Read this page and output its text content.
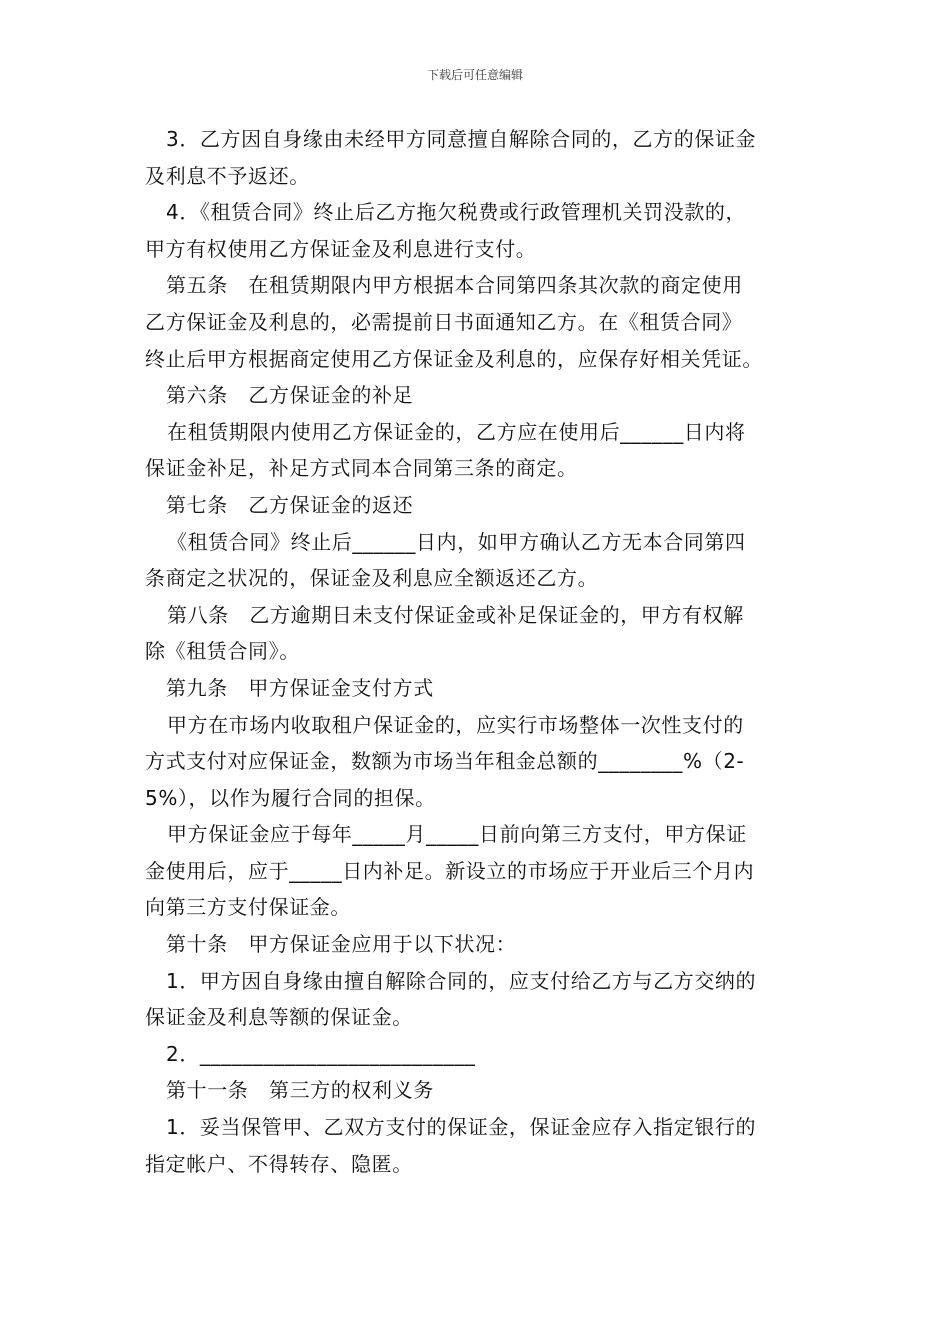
下载后可任意编辑
3．乙方因自身缘由未经甲方同意擅自解除合同的，乙方的保证金
及利息不予返还。
4．《租赁合同》终止后乙方拖欠税费或行政管理机关罚没款的，
甲方有权使用乙方保证金及利息进行支付。
第五条　在租赁期限内甲方根据本合同第四条其次款的商定使用
乙方保证金及利息的，必需提前日书面通知乙方。在《租赁合同》
终止后甲方根据商定使用乙方保证金及利息的，应保存好相关凭证。
第六条　乙方保证金的补足
在租赁期限内使用乙方保证金的，乙方应在使用后______日内将
保证金补足，补足方式同本合同第三条的商定。
第七条　乙方保证金的返还
《租赁合同》终止后______日内，如甲方确认乙方无本合同第四
条商定之状况的，保证金及利息应全额返还乙方。
第八条　乙方逾期日未支付保证金或补足保证金的，甲方有权解
除《租赁合同》。
第九条　甲方保证金支付方式
甲方在市场内收取租户保证金的，应实行市场整体一次性支付的
方式支付对应保证金，数额为市场当年租金总额的________%（2-
5%），以作为履行合同的担保。
甲方保证金应于每年_____月_____日前向第三方支付，甲方保证
金使用后，应于_____日内补足。新设立的市场应于开业后三个月内
向第三方支付保证金。
第十条　甲方保证金应用于以下状况：
1．甲方因自身缘由擅自解除合同的，应支付给乙方与乙方交纳的
保证金及利息等额的保证金。
2．__________________________
第十一条　第三方的权利义务
1．妥当保管甲、乙双方支付的保证金，保证金应存入指定银行的
指定帐户、不得转存、隐匿。
